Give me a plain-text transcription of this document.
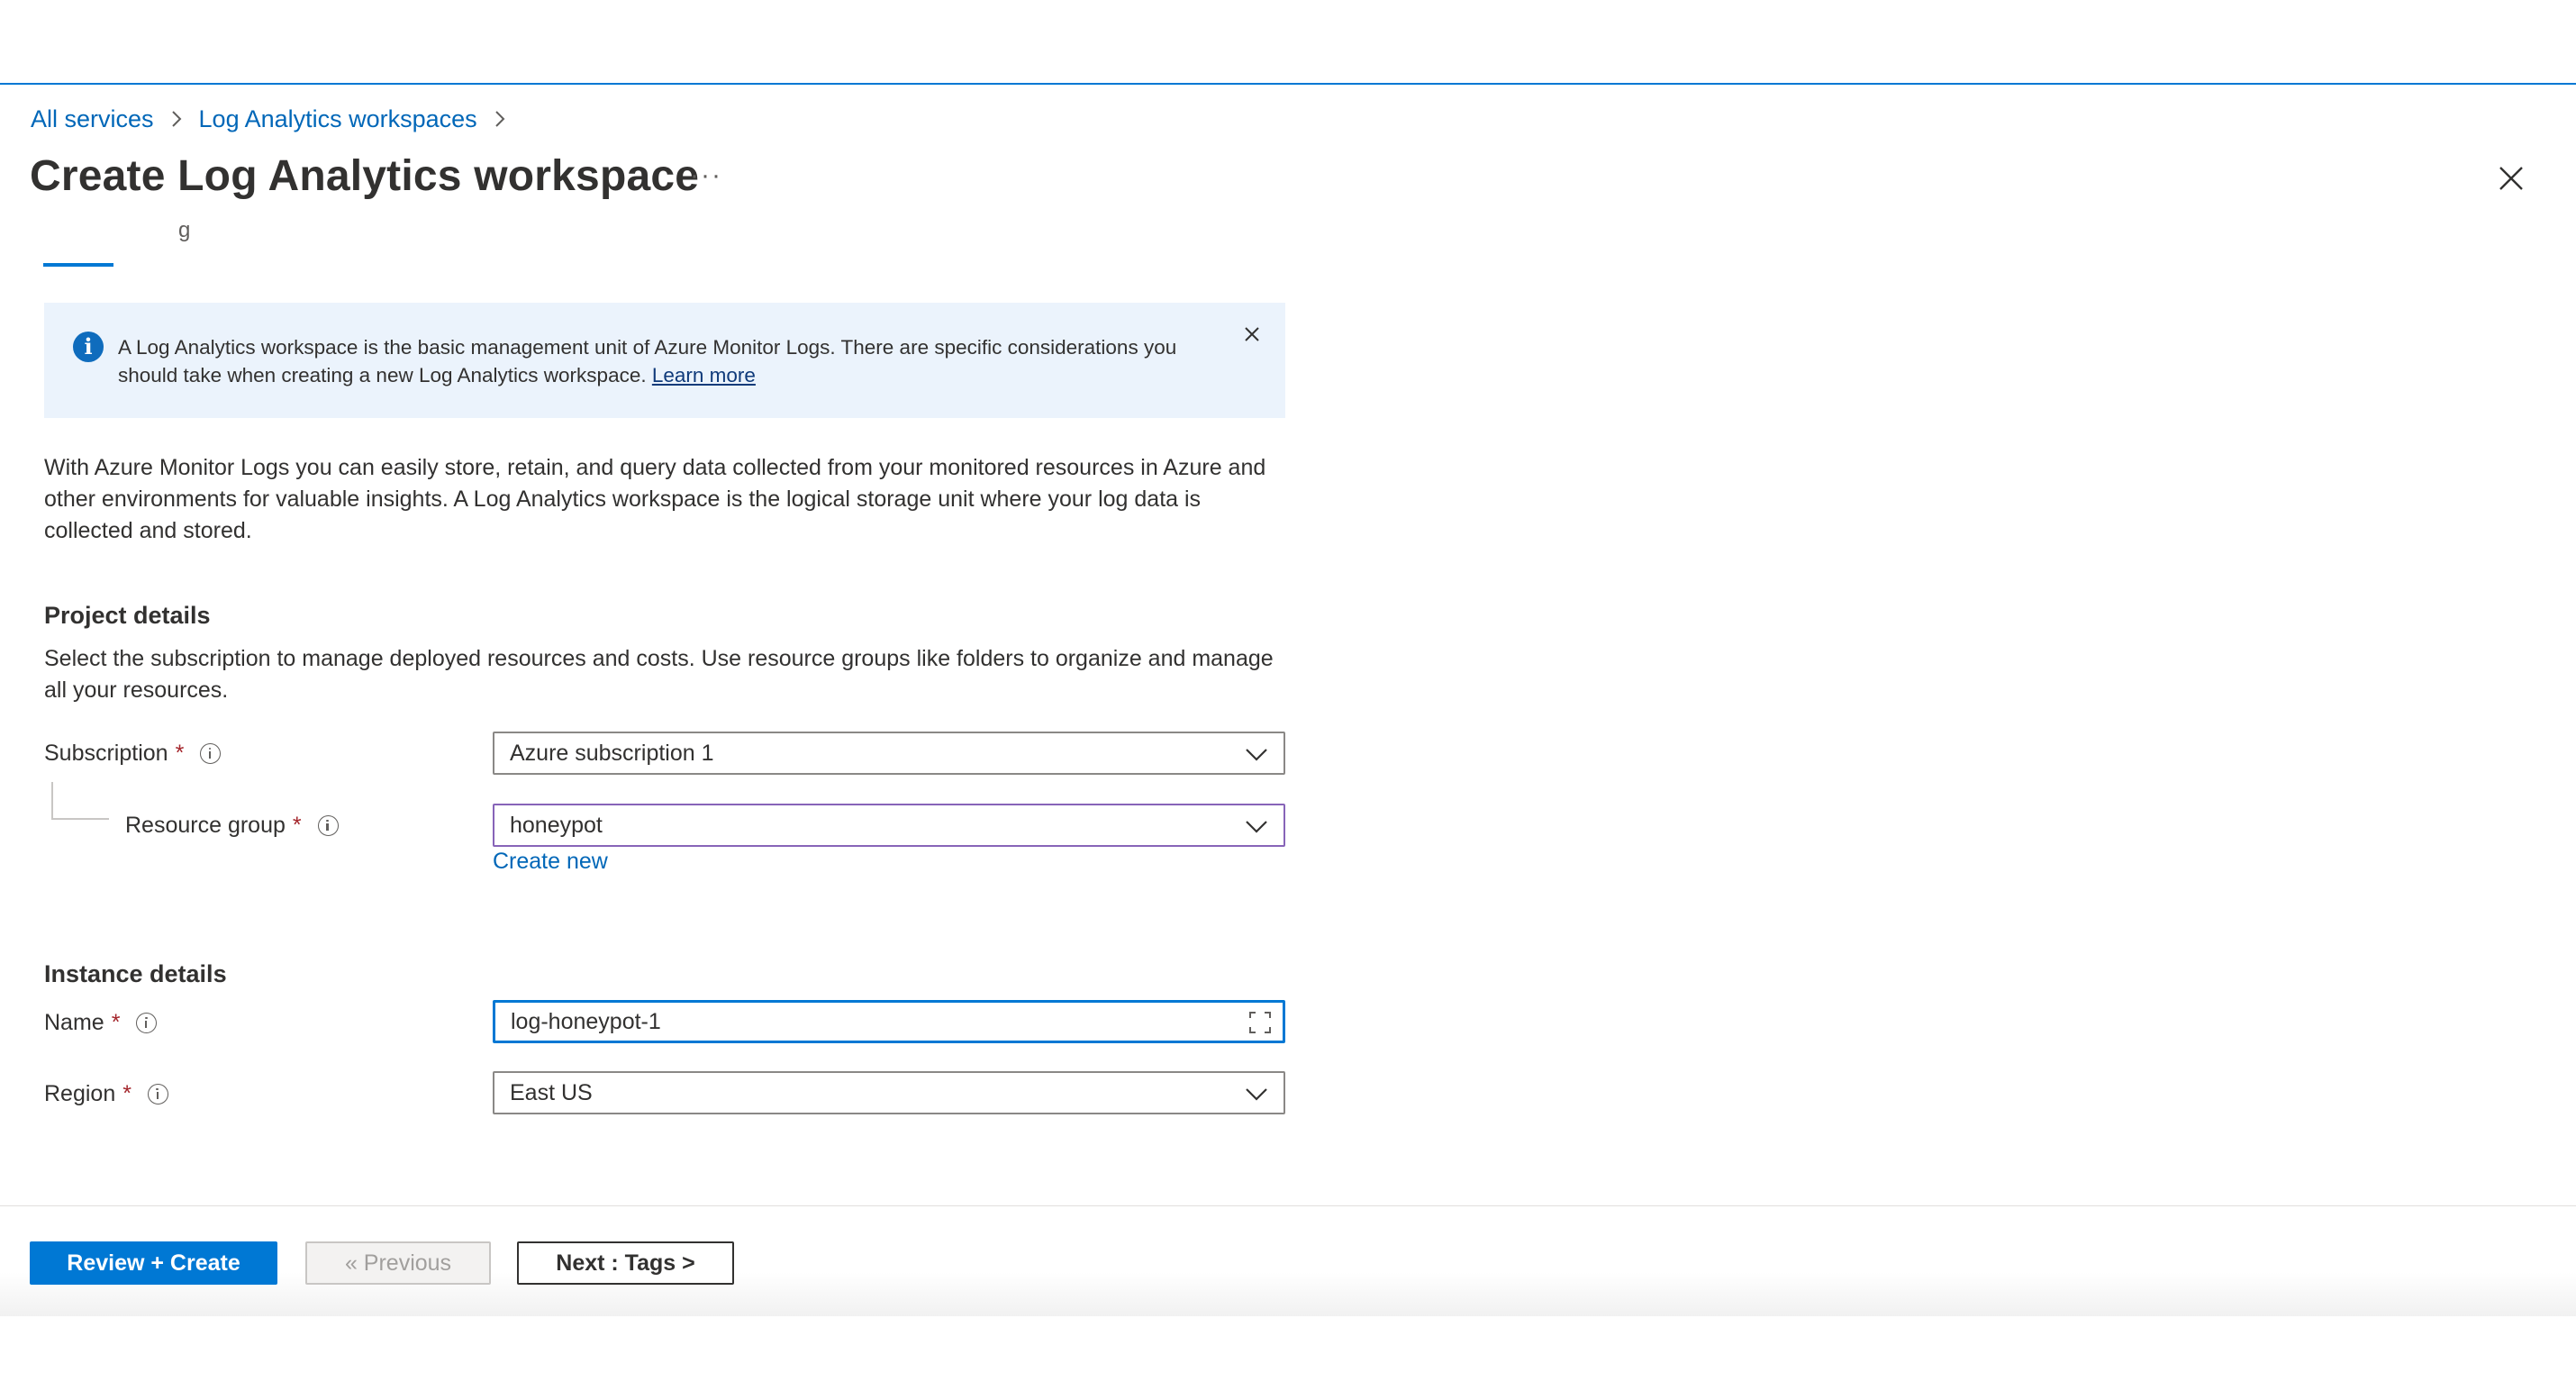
All services Log Analytics workspaces
Create Log Analytics workspace
···
g
i	A Log Analytics workspace is the basic management unit of Azure Monitor Logs. There are specific considerations you should take when creating a new Log Analytics workspace. Learn more
With Azure Monitor Logs you can easily store, retain, and query data collected from your monitored resources in Azure and other environments for valuable insights. A Log Analytics workspace is the logical storage unit where your log data is collected and stored.
Project details
Select the subscription to manage deployed resources and costs. Use resource groups like folders to organize and manage all your resources.
Subscription *	Azure subscription 1
Resource group *	honeypot
Create new
Instance details
Name *	log-honeypot-1
Region *	East US
Review + Create	« Previous	Next : Tags >
